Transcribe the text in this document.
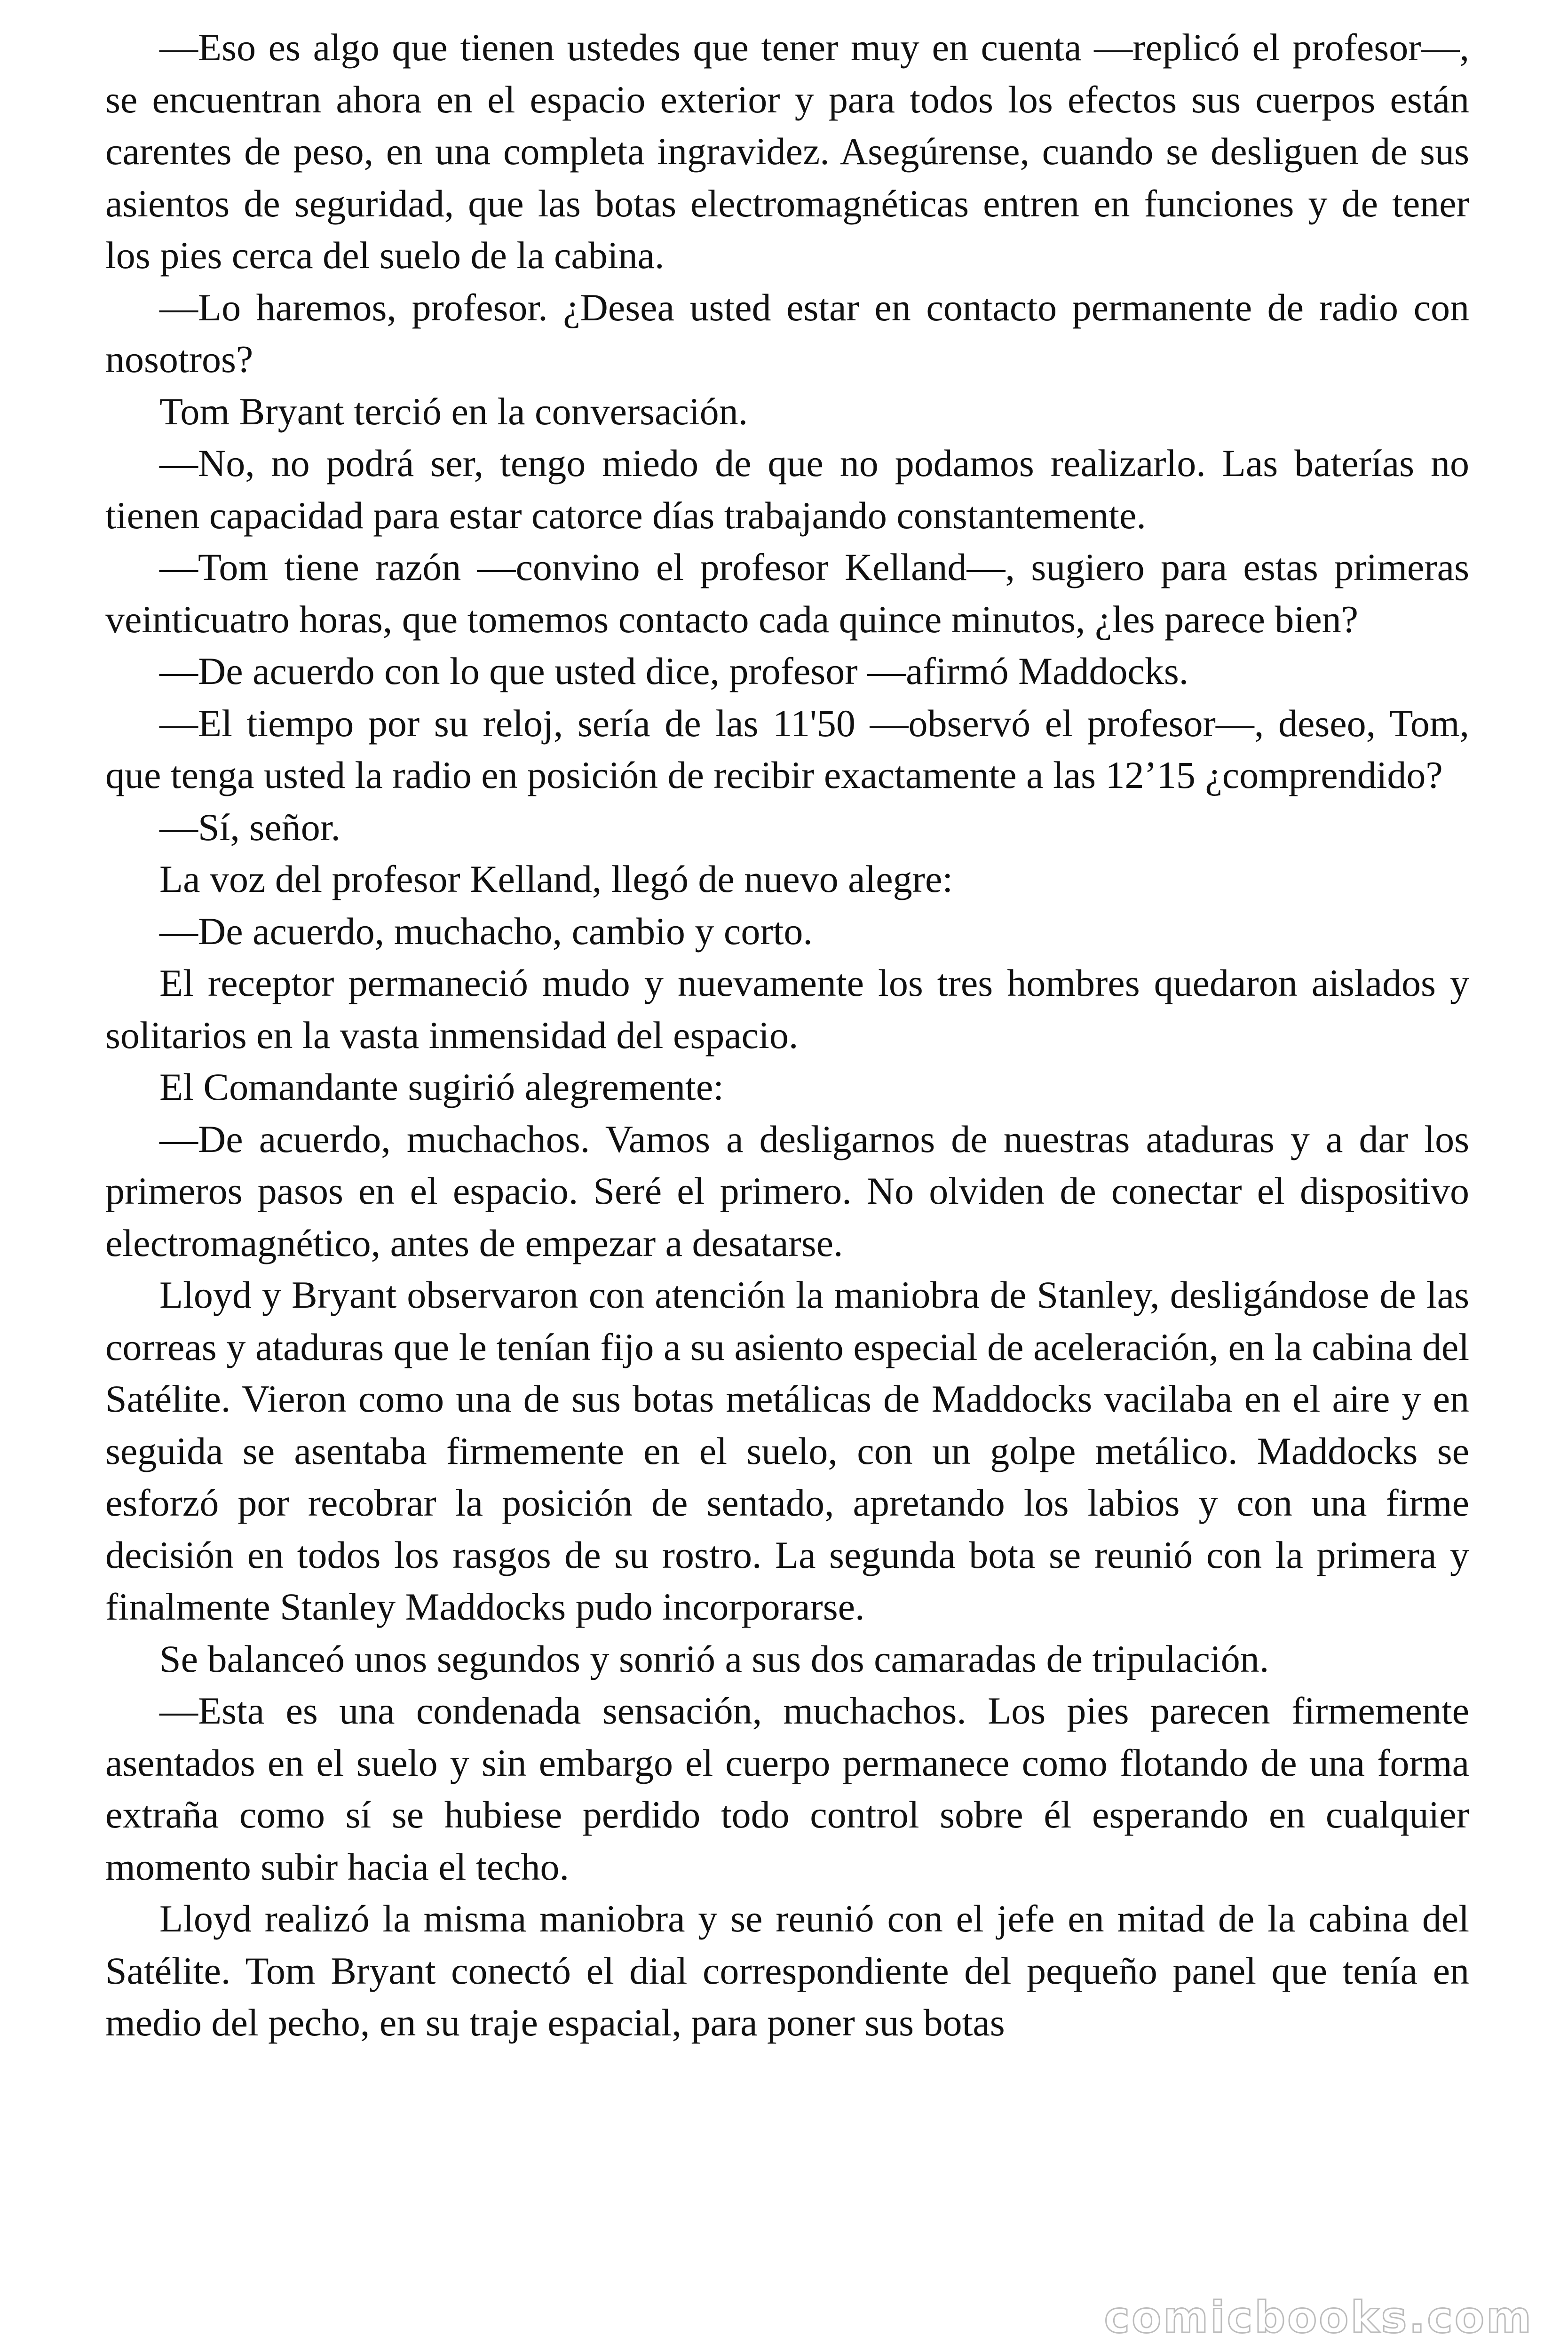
—Eso es algo que tienen ustedes que tener muy en cuenta —replicó el profesor—, se encuentran ahora en el espacio exterior y para todos los efectos sus cuerpos están carentes de peso, en una completa ingravidez. Asegúrense, cuando se desliguen de sus asientos de seguridad, que las botas electromagnéticas entren en funciones y de tener los pies cerca del suelo de la cabina.

—Lo haremos, profesor. ¿Desea usted estar en contacto permanente de radio con nosotros?

Tom Bryant terció en la conversación.

—No, no podrá ser, tengo miedo de que no podamos realizarlo. Las baterías no tienen capacidad para estar catorce días trabajando constantemente.

—Tom tiene razón —convino el profesor Kelland—, sugiero para estas primeras veinticuatro horas, que tomemos contacto cada quince minutos, ¿les parece bien?

—De acuerdo con lo que usted dice, profesor —afirmó Maddocks.

—El tiempo por su reloj, sería de las 11'50 —observó el profesor—, deseo, Tom, que tenga usted la radio en posición de recibir exactamente a las 12’15 ¿comprendido?

—Sí, señor.

La voz del profesor Kelland, llegó de nuevo alegre:

—De acuerdo, muchacho, cambio y corto.

El receptor permaneció mudo y nuevamente los tres hombres quedaron aislados y solitarios en la vasta inmensidad del espacio.

El Comandante sugirió alegremente:

—De acuerdo, muchachos. Vamos a desligarnos de nuestras ataduras y a dar los primeros pasos en el espacio. Seré el primero. No olviden de conectar el dispositivo electromagnético, antes de empezar a desatarse.

Lloyd y Bryant observaron con atención la maniobra de Stanley, desligándose de las correas y ataduras que le tenían fijo a su asiento especial de aceleración, en la cabina del Satélite. Vieron como una de sus botas metálicas de Maddocks vacilaba en el aire y en seguida se asentaba firmemente en el suelo, con un golpe metálico. Maddocks se esforzó por recobrar la posición de sentado, apretando los labios y con una firme decisión en todos los rasgos de su rostro. La segunda bota se reunió con la primera y finalmente Stanley Maddocks pudo incorporarse.

Se balanceó unos segundos y sonrió a sus dos camaradas de tripulación.

—Esta es una condenada sensación, muchachos. Los pies parecen firmemente asentados en el suelo y sin embargo el cuerpo permanece como flotando de una forma extraña como sí se hubiese perdido todo control sobre él esperando en cualquier momento subir hacia el techo.

Lloyd realizó la misma maniobra y se reunió con el jefe en mitad de la cabina del Satélite. Tom Bryant conectó el dial correspondiente del pequeño panel que tenía en medio del pecho, en su traje espacial, para poner sus botas

comicbooks.com
